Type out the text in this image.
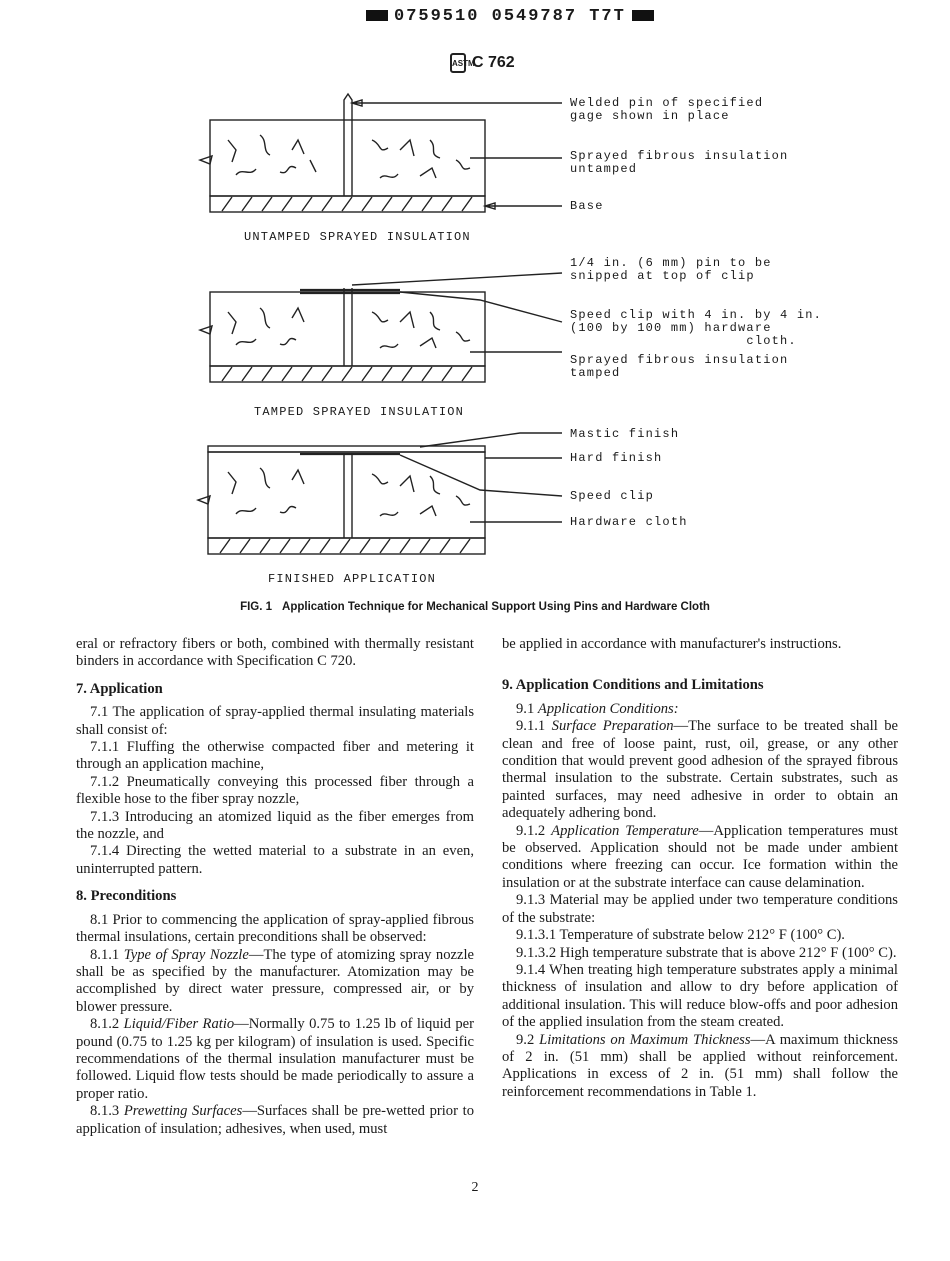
0759510 0549787 T7T
ASTM
C 762
Welded pin of specified
gage shown in place
Sprayed fibrous insulation
untamped
Base
UNTAMPED SPRAYED INSULATION
1/4 in. (6 mm) pin to be
snipped at top of clip
Speed clip with 4 in. by 4 in.
(100 by 100 mm) hardware
cloth.
Sprayed fibrous insulation
tamped
TAMPED SPRAYED INSULATION
Mastic finish
Hard finish
Speed clip
Hardware cloth
FINISHED APPLICATION
FIG. 1 Application Technique for Mechanical Support Using Pins and Hardware Cloth

eral or refractory fibers or both, combined with thermally resistant binders in accordance with Specification C 720.

7. Application

7.1 The application of spray-applied thermal insulating materials shall consist of:

7.1.1 Fluffing the otherwise compacted fiber and metering it through an application machine,

7.1.2 Pneumatically conveying this processed fiber through a flexible hose to the fiber spray nozzle,

7.1.3 Introducing an atomized liquid as the fiber emerges from the nozzle, and

7.1.4 Directing the wetted material to a substrate in an even, uninterrupted pattern.

8. Preconditions

8.1 Prior to commencing the application of spray-applied fibrous thermal insulations, certain preconditions shall be observed:

8.1.1 Type of Spray Nozzle—The type of atomizing spray nozzle shall be as specified by the manufacturer. Atomization may be accomplished by direct water pressure, compressed air, or by blower pressure.

8.1.2 Liquid/Fiber Ratio—Normally 0.75 to 1.25 lb of liquid per pound (0.75 to 1.25 kg per kilogram) of insulation is used. Specific recommendations of the thermal insulation manufacturer must be followed. Liquid flow tests should be made periodically to assure a proper ratio.

8.1.3 Prewetting Surfaces—Surfaces shall be pre-wetted prior to application of insulation; adhesives, when used, must

be applied in accordance with manufacturer's instructions.

9. Application Conditions and Limitations

9.1 Application Conditions:

9.1.1 Surface Preparation—The surface to be treated shall be clean and free of loose paint, rust, oil, grease, or any other condition that would prevent good adhesion of the sprayed fibrous thermal insulation to the substrate. Certain substrates, such as painted surfaces, may need adhesive in order to obtain an adequately adhering bond.

9.1.2 Application Temperature—Application temperatures must be observed. Application should not be made under ambient conditions where freezing can occur. Ice formation within the insulation or at the substrate interface can cause delamination.

9.1.3 Material may be applied under two temperature conditions of the substrate:

9.1.3.1 Temperature of substrate below 212° F (100° C).

9.1.3.2 High temperature substrate that is above 212° F (100° C).

9.1.4 When treating high temperature substrates apply a minimal thickness of insulation and allow to dry before application of additional insulation. This will reduce blow-offs and poor adhesion of the applied insulation from the steam created.

9.2 Limitations on Maximum Thickness—A maximum thickness of 2 in. (51 mm) shall be applied without reinforcement. Applications in excess of 2 in. (51 mm) shall follow the reinforcement recommendations in Table 1.

2
